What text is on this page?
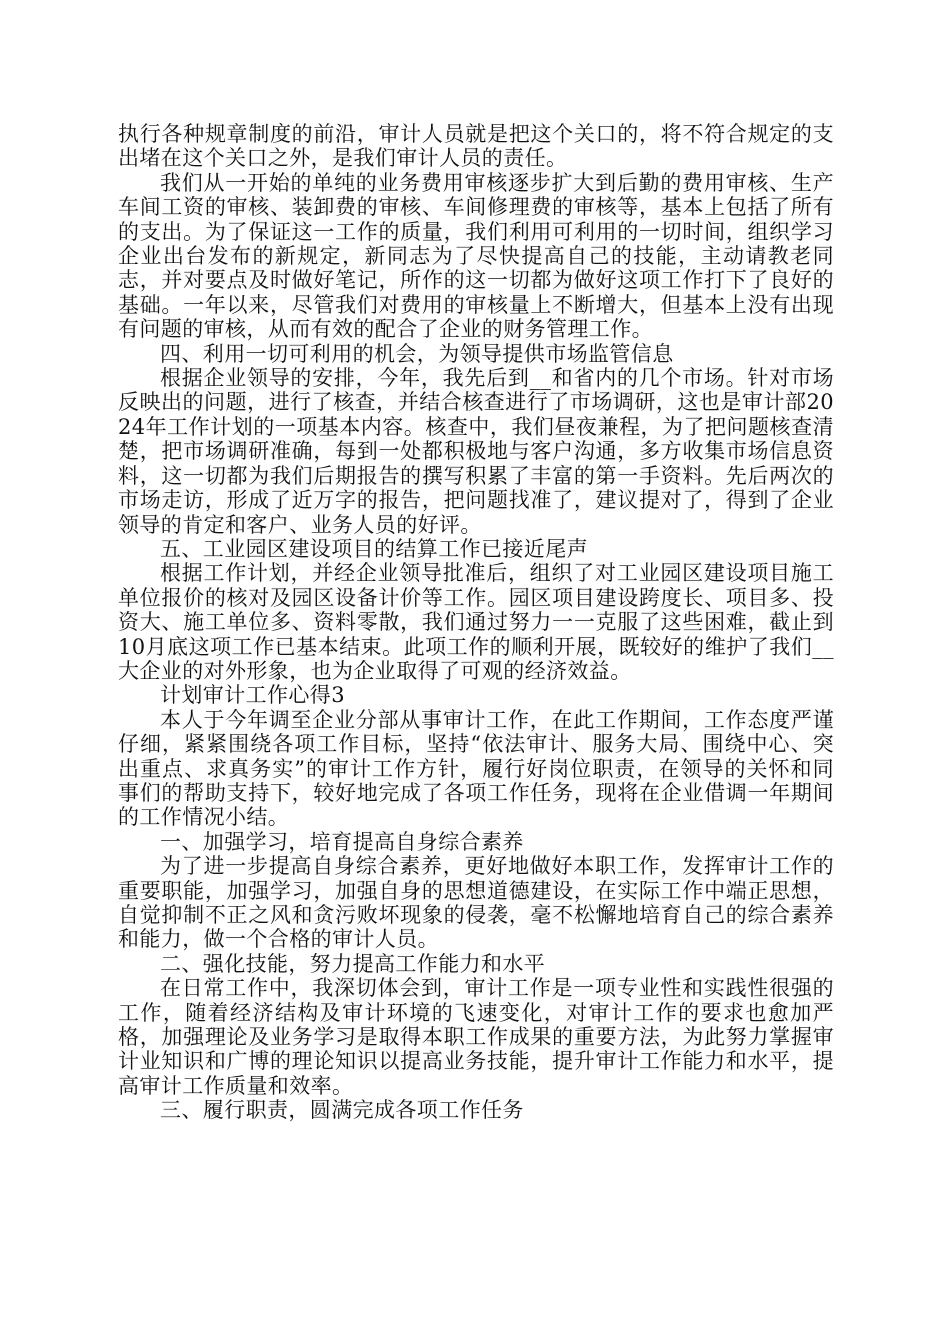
执行各种规章制度的前沿，审计人员就是把这个关口的，将不符合规定的支出堵在这个关口之外，是我们审计人员的责任。

我们从一开始的单纯的业务费用审核逐步扩大到后勤的费用审核、生产车间工资的审核、装卸费的审核、车间修理费的审核等，基本上包括了所有的支出。为了保证这一工作的质量，我们利用可利用的一切时间，组织学习企业出台发布的新规定，新同志为了尽快提高自己的技能，主动请教老同志，并对要点及时做好笔记，所作的这一切都为做好这项工作打下了良好的基础。一年以来，尽管我们对费用的审核量上不断增大，但基本上没有出现有问题的审核，从而有效的配合了企业的财务管理工作。

四、利用一切可利用的机会，为领导提供市场监管信息

根据企业领导的安排，今年，我先后到__和省内的几个市场。针对市场反映出的问题，进行了核查，并结合核查进行了市场调研，这也是审计部2024年工作计划的一项基本内容。核查中，我们昼夜兼程，为了把问题核查清楚，把市场调研准确，每到一处都积极地与客户沟通，多方收集市场信息资料，这一切都为我们后期报告的撰写积累了丰富的第一手资料。先后两次的市场走访，形成了近万字的报告，把问题找准了，建议提对了，得到了企业领导的肯定和客户、业务人员的好评。

五、工业园区建设项目的结算工作已接近尾声

根据工作计划，并经企业领导批准后，组织了对工业园区建设项目施工单位报价的核对及园区设备计价等工作。园区项目建设跨度长、项目多、投资大、施工单位多、资料零散，我们通过努力一一克服了这些困难，截止到10月底这项工作已基本结束。此项工作的顺利开展，既较好的维护了我们__大企业的对外形象，也为企业取得了可观的经济效益。

计划审计工作心得3

本人于今年调至企业分部从事审计工作，在此工作期间，工作态度严谨仔细，紧紧围绕各项工作目标，坚持“依法审计、服务大局、围绕中心、突出重点、求真务实”的审计工作方针，履行好岗位职责，在领导的关怀和同事们的帮助支持下，较好地完成了各项工作任务，现将在企业借调一年期间的工作情况小结。

一、加强学习，培育提高自身综合素养

为了进一步提高自身综合素养，更好地做好本职工作，发挥审计工作的重要职能，加强学习，加强自身的思想道德建设，在实际工作中端正思想，自觉抑制不正之风和贪污败坏现象的侵袭，毫不松懈地培育自己的综合素养和能力，做一个合格的审计人员。

二、强化技能，努力提高工作能力和水平

在日常工作中，我深切体会到，审计工作是一项专业性和实践性很强的工作，随着经济结构及审计环境的飞速变化，对审计工作的要求也愈加严格，加强理论及业务学习是取得本职工作成果的重要方法，为此努力掌握审计业知识和广博的理论知识以提高业务技能，提升审计工作能力和水平，提高审计工作质量和效率。

三、履行职责，圆满完成各项工作任务
